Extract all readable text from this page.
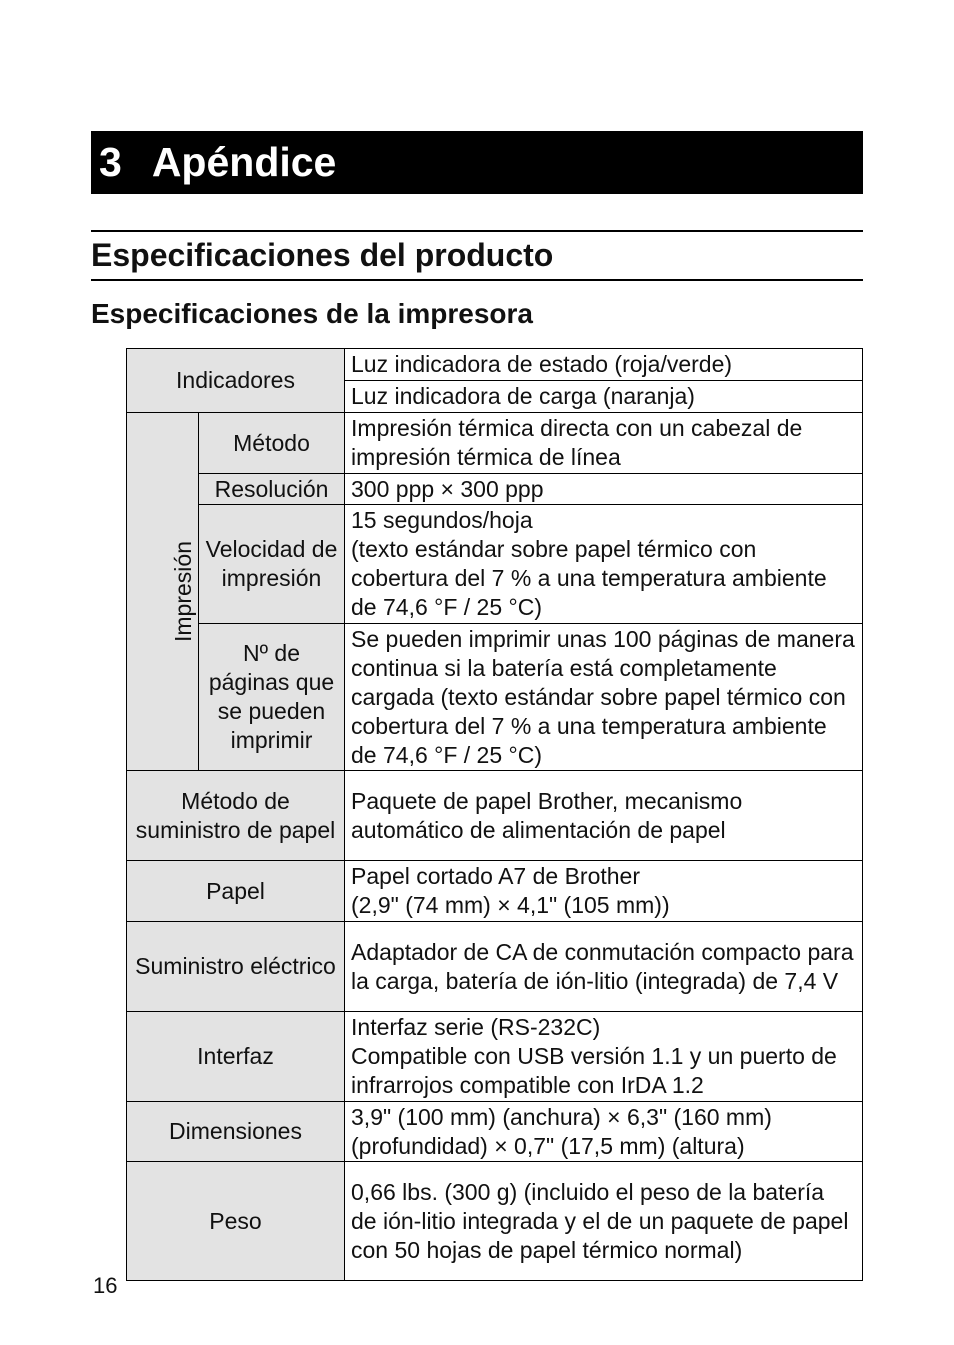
3 Apéndice
Especificaciones del producto
Especificaciones de la impresora
Indicadores		Luz indicadora de estado (roja/verde)
		Luz indicadora de carga (naranja)
Impresión	Método	Impresión térmica directa con un cabezal de impresión térmica de línea
	Resolución	300 ppp × 300 ppp
	Velocidad de impresión	15 segundos/hoja
(texto estándar sobre papel térmico con cobertura del 7 % a una temperatura ambiente de 74,6 °F / 25 °C)

	Nº de páginas que se pueden imprimir	Se pueden imprimir unas 100 páginas de manera continua si la batería está completamente cargada (texto estándar sobre papel térmico con cobertura del 7 % a una temperatura ambiente de 74,6 °F / 25 °C)
Método de suministro de papel		Paquete de papel Brother, mecanismo automático de alimentación de papel
Papel		Papel cortado A7 de Brother
(2,9" (74 mm) × 4,1" (105 mm))

Suministro eléctrico		Adaptador de CA de conmutación compacto para la carga, batería de ión-litio (integrada) de 7,4 V
Interfaz		Interfaz serie (RS-232C)
Compatible con USB versión 1.1 y un puerto de infrarrojos compatible con IrDA 1.2

Dimensiones		3,9" (100 mm) (anchura) × 6,3" (160 mm) (profundidad) × 0,7" (17,5 mm) (altura)
Peso		0,66 lbs. (300 g) (incluido el peso de la batería de ión-litio integrada y el de un paquete de papel con 50 hojas de papel térmico normal)
16
